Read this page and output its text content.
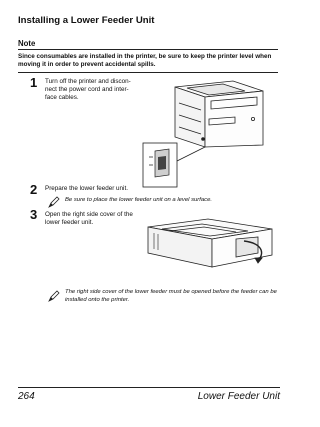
Installing a Lower Feeder Unit
Note
Since consumables are installed in the printer, be sure to keep the printer level when moving it in order to prevent accidental spills.
1 Turn off the printer and discon-nect the power cord and inter-face cables.
2 Prepare the lower feeder unit.
Be sure to place the lower feeder unit on a level surface.
3 Open the right side cover of the lower feeder unit.
The right side cover of the lower feeder must be opened before the feeder can be installed onto the printer.
264	Lower Feeder Unit
